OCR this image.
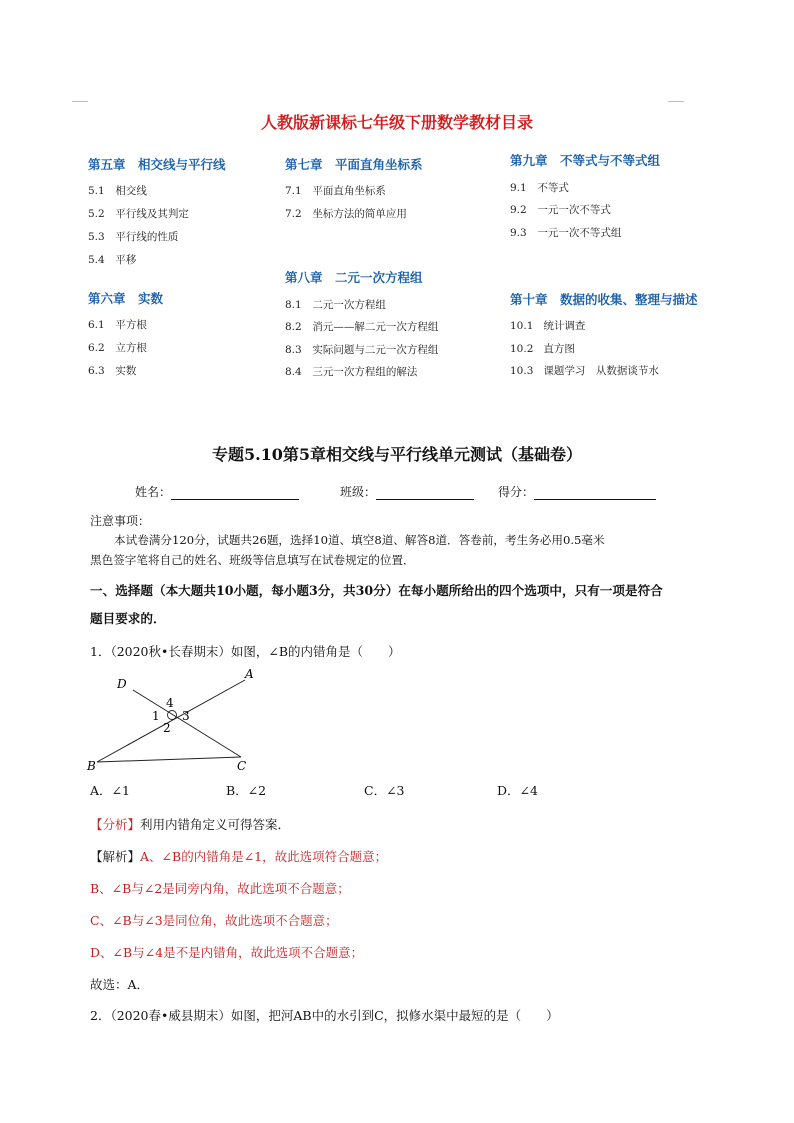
人教版新课标七年级下册数学教材目录
第五章　相交线与平行线
5.1 相交线
5.2 平行线及其判定
5.3 平行线的性质
5.4 平移
第六章　实数
6.1 平方根
6.2 立方根
6.3 实数
第七章　平面直角坐标系
7.1 平面直角坐标系
7.2 坐标方法的简单应用
第八章　二元一次方程组
8.1 二元一次方程组
8.2 消元——解二元一次方程组
8.3 实际问题与二元一次方程组
8.4 三元一次方程组的解法
第九章　不等式与不等式组
9.1 不等式
9.2 一元一次不等式
9.3 一元一次不等式组
第十章　数据的收集、整理与描述
10.1 统计调查
10.2 直方图
10.3 课题学习　从数据谈节水
专题5.10第5章相交线与平行线单元测试（基础卷）
姓名：	班级：	得分：
注意事项：
本试卷满分120分，试题共26题，选择10道、填空8道、解答8道．答卷前，考生务必用0.5毫米
黑色签字笔将自己的姓名、班级等信息填写在试卷规定的位置．
一、选择题（本大题共10小题，每小题3分，共30分）在每小题所给出的四个选项中，只有一项是符合
题目要求的．
1．（2020秋•长春期末）如图，∠B的内错角是（　　）
D
A
B	C
1
2
3
4
A．∠1	B．∠2	C．∠3	D．∠4
【分析】利用内错角定义可得答案．
【解析】A、∠B的内错角是∠1，故此选项符合题意；
B、∠B与∠2是同旁内角，故此选项不合题意；
C、∠B与∠3是同位角，故此选项不合题意；
D、∠B与∠4是不是内错角，故此选项不合题意；
故选：A．
2．（2020春•威县期末）如图，把河AB中的水引到C，拟修水渠中最短的是（　　）
